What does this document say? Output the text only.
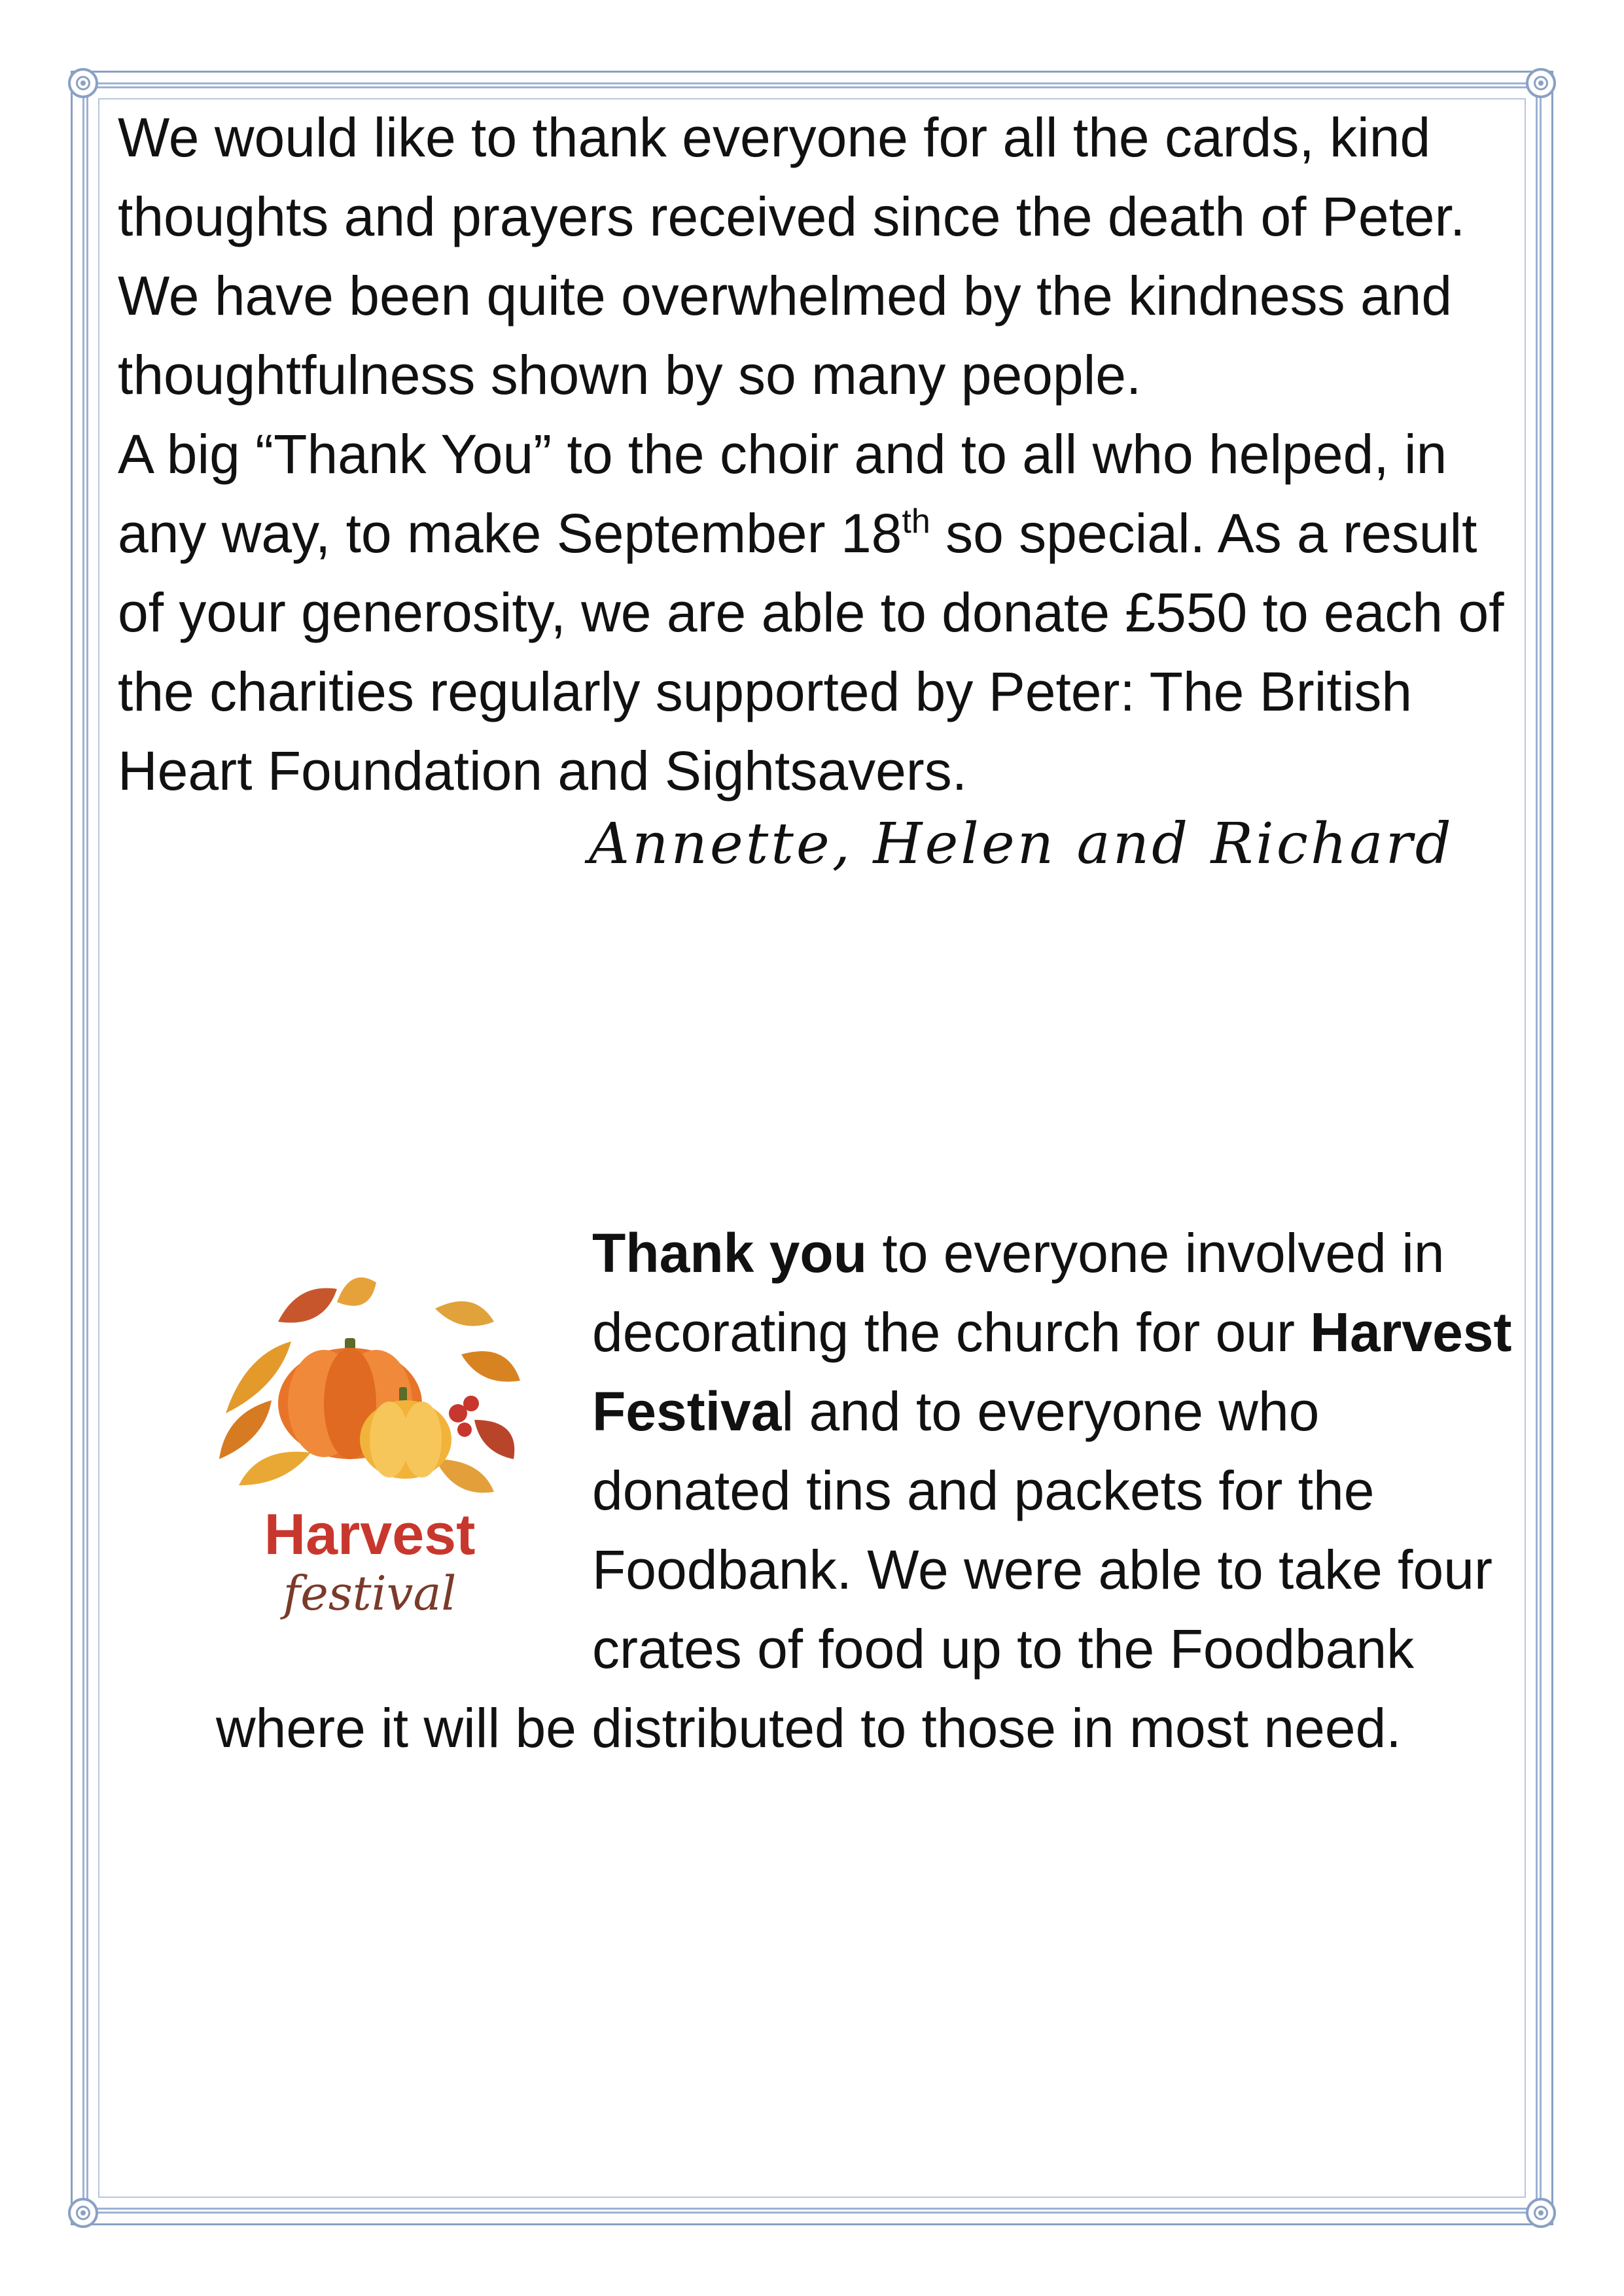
We would like to thank everyone for all the cards, kind

thoughts and prayers received since the death of Peter.

We have been quite overwhelmed by the kindness and

thoughtfulness shown by so many people.

A big “Thank You” to the choir and to all who helped, in

any way, to make September 18th so special. As a result

of your generosity, we are able to donate £550 to each of

the charities regularly supported by Peter: The British

Heart Foundation and Sightsavers.

Annette, Helen and Richard
Harvest
festival

Thank you to everyone involved in

decorating the church for our Harvest

Festival and to everyone who

donated tins and packets for the

Foodbank. We were able to take four

crates of food up to the Foodbank

where it will be distributed to those in most need.
